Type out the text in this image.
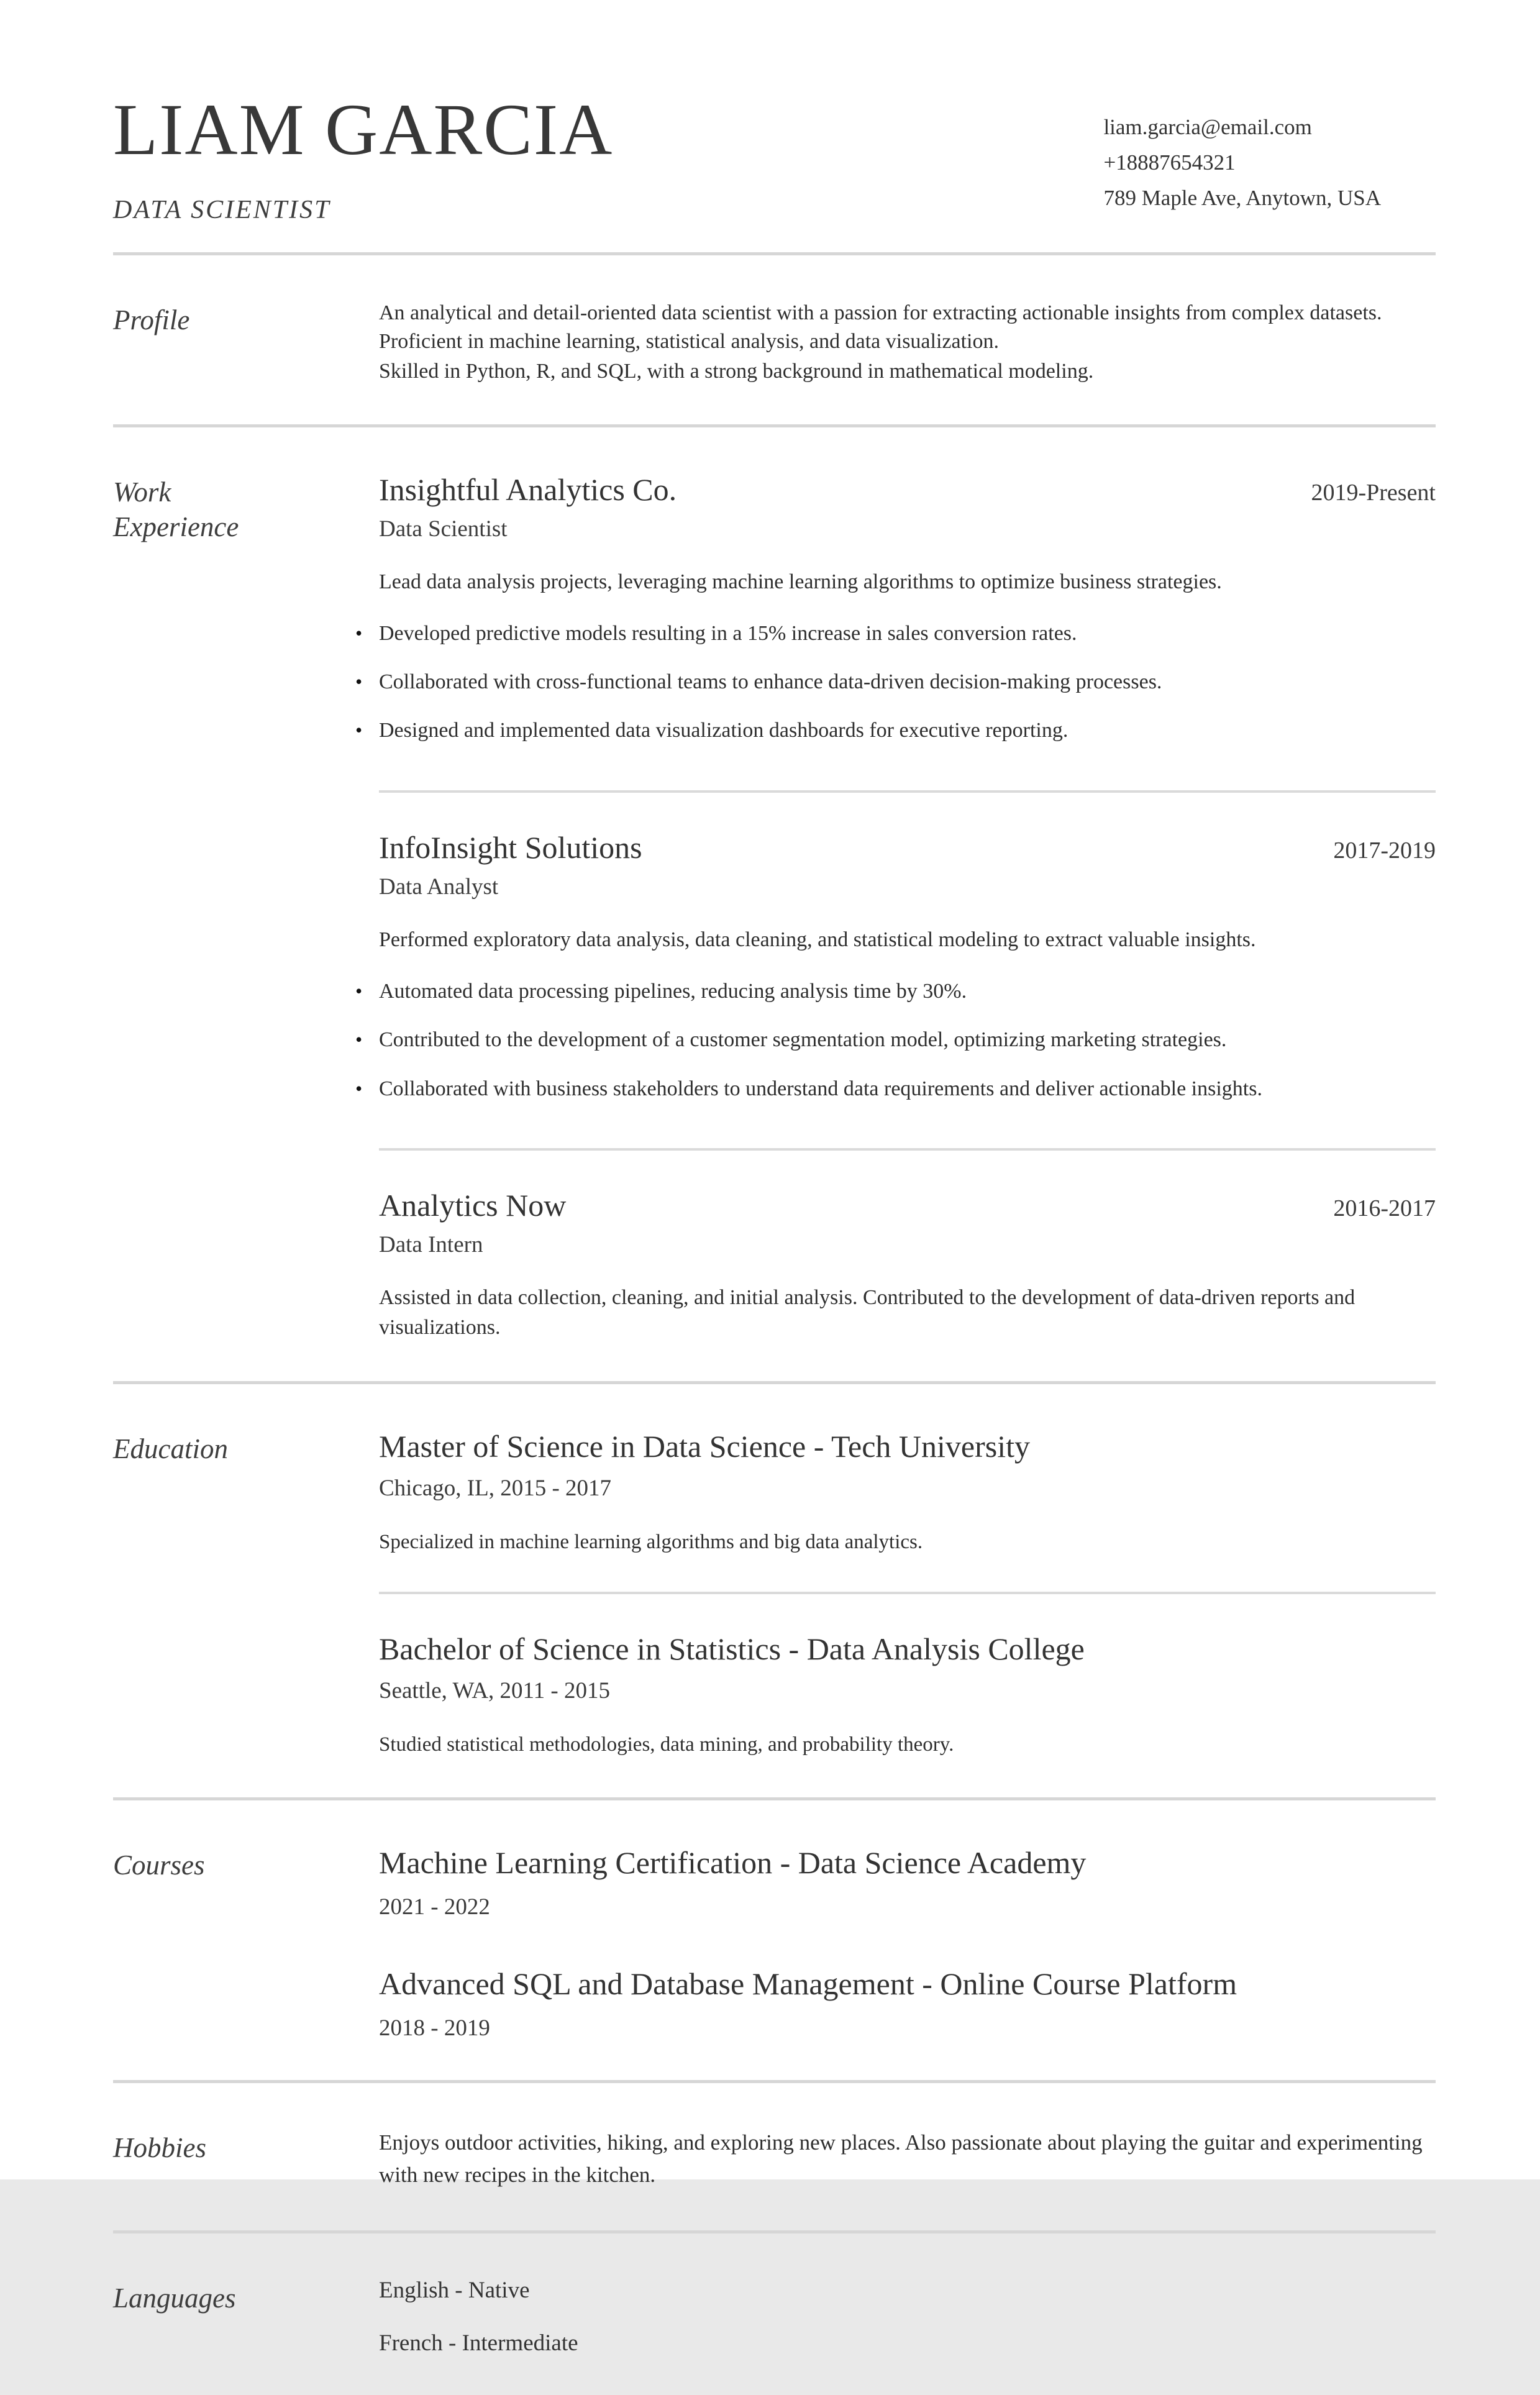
LIAM GARCIA
DATA SCIENTIST
liam.garcia@email.com
+18887654321
789 Maple Ave, Anytown, USA
Profile	An analytical and detail-oriented data scientist with a passion for extracting actionable insights from complex datasets. Proficient in machine learning, statistical analysis, and data visualization.

Skilled in Python, R, and SQL, with a strong background in mathematical modeling.

Work Experience
Insightful Analytics Co.	2019-Present
Data Scientist

Lead data analysis projects, leveraging machine learning algorithms to optimize business strategies.

• Developed predictive models resulting in a 15% increase in sales conversion rates.
• Collaborated with cross-functional teams to enhance data-driven decision-making processes.
• Designed and implemented data visualization dashboards for executive reporting.
InfoInsight Solutions	2017-2019
Data Analyst

Performed exploratory data analysis, data cleaning, and statistical modeling to extract valuable insights.

• Automated data processing pipelines, reducing analysis time by 30%.
• Contributed to the development of a customer segmentation model, optimizing marketing strategies.
• Collaborated with business stakeholders to understand data requirements and deliver actionable insights.
Analytics Now	2016-2017
Data Intern

Assisted in data collection, cleaning, and initial analysis. Contributed to the development of data-driven reports and visualizations.

Education	Master of Science in Data Science - Tech University
Chicago, IL, 2015 - 2017

Specialized in machine learning algorithms and big data analytics.

Bachelor of Science in Statistics - Data Analysis College
Seattle, WA, 2011 - 2015

Studied statistical methodologies, data mining, and probability theory.

Courses	Machine Learning Certification - Data Science Academy
2021 - 2022
Advanced SQL and Database Management - Online Course Platform
2018 - 2019
Hobbies	Enjoys outdoor activities, hiking, and exploring new places. Also passionate about playing the guitar and experimenting with new recipes in the kitchen.

Languages	English - Native
French - Intermediate
